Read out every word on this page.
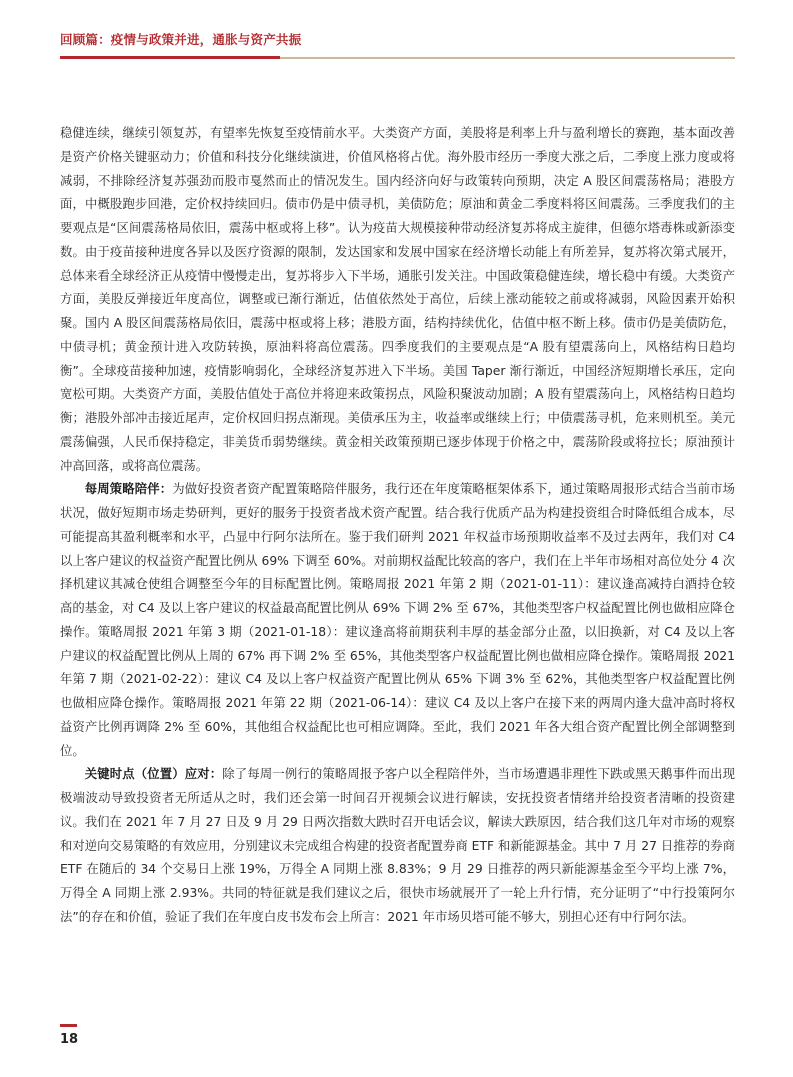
回顾篇：疫情与政策并进，通胀与资产共振

稳健连续，继续引领复苏，有望率先恢复至疫情前水平。大类资产方面，美股将是利率上升与盈利增长的赛跑，基本面改善是资产价格关键驱动力；价值和科技分化继续演进，价值风格将占优。海外股市经历一季度大涨之后，二季度上涨力度或将减弱，不排除经济复苏强劲而股市戛然而止的情况发生。国内经济向好与政策转向预期，决定 A 股区间震荡格局；港股方面，中概股跑步回港，定价权持续回归。债市仍是中债寻机，美债防危；原油和黄金二季度料将区间震荡。三季度我们的主要观点是“区间震荡格局依旧，震荡中枢或将上移”。认为疫苗大规模接种带动经济复苏将成主旋律，但德尔塔毒株或新添变数。由于疫苗接种进度各异以及医疗资源的限制，发达国家和发展中国家在经济增长动能上有所差异，复苏将次第式展开，总体来看全球经济正从疫情中慢慢走出，复苏将步入下半场，通胀引发关注。中国政策稳健连续，增长稳中有缓。大类资产方面，美股反弹接近年度高位，调整或已渐行渐近，估值依然处于高位，后续上涨动能较之前或将减弱，风险因素开始积聚。国内 A 股区间震荡格局依旧，震荡中枢或将上移；港股方面，结构持续优化，估值中枢不断上移。债市仍是美债防危，中债寻机；黄金预计进入攻防转换，原油料将高位震荡。四季度我们的主要观点是“A 股有望震荡向上，风格结构日趋均衡”。全球疫苗接种加速，疫情影响弱化，全球经济复苏进入下半场。美国 Taper 渐行渐近，中国经济短期增长承压，定向宽松可期。大类资产方面，美股估值处于高位并将迎来政策拐点，风险积聚波动加剧；A 股有望震荡向上，风格结构日趋均衡；港股外部冲击接近尾声，定价权回归拐点渐现。美债承压为主，收益率或继续上行；中债震荡寻机，危来则机至。美元震荡偏强，人民币保持稳定，非美货币弱势继续。黄金相关政策预期已逐步体现于价格之中，震荡阶段或将拉长；原油预计冲高回落，或将高位震荡。

每周策略陪伴：为做好投资者资产配置策略陪伴服务，我行还在年度策略框架体系下，通过策略周报形式结合当前市场状况，做好短期市场走势研判，更好的服务于投资者战术资产配置。结合我行优质产品为构建投资组合时降低组合成本，尽可能提高其盈利概率和水平，凸显中行阿尔法所在。鉴于我们研判 2021 年权益市场预期收益率不及过去两年，我们对 C4 以上客户建议的权益资产配置比例从 69% 下调至 60%。对前期权益配比较高的客户，我们在上半年市场相对高位处分 4 次择机建议其减仓使组合调整至今年的目标配置比例。策略周报 2021 年第 2 期（2021-01-11）：建议逢高减持白酒持仓较高的基金，对 C4 及以上客户建议的权益最高配置比例从 69% 下调 2% 至 67%，其他类型客户权益配置比例也做相应降仓操作。策略周报 2021 年第 3 期（2021-01-18）：建议逢高将前期获利丰厚的基金部分止盈，以旧换新，对 C4 及以上客户建议的权益配置比例从上周的 67% 再下调 2% 至 65%，其他类型客户权益配置比例也做相应降仓操作。策略周报 2021 年第 7 期（2021-02-22）：建议 C4 及以上客户权益资产配置比例从 65% 下调 3% 至 62%，其他类型客户权益配置比例也做相应降仓操作。策略周报 2021 年第 22 期（2021-06-14）：建议 C4 及以上客户在接下来的两周内逢大盘冲高时将权益资产比例再调降 2% 至 60%，其他组合权益配比也可相应调降。至此，我们 2021 年各大组合资产配置比例全部调整到位。

关键时点（位置）应对：除了每周一例行的策略周报予客户以全程陪伴外，当市场遭遇非理性下跌或黑天鹅事件而出现极端波动导致投资者无所适从之时，我们还会第一时间召开视频会议进行解读，安抚投资者情绪并给投资者清晰的投资建议。我们在 2021 年 7 月 27 日及 9 月 29 日两次指数大跌时召开电话会议，解读大跌原因，结合我们这几年对市场的观察和对逆向交易策略的有效应用，分别建议未完成组合构建的投资者配置券商 ETF 和新能源基金。其中 7 月 27 日推荐的券商 ETF 在随后的 34 个交易日上涨 19%，万得全 A 同期上涨 8.83%；9 月 29 日推荐的两只新能源基金至今平均上涨 7%，万得全 A 同期上涨 2.93%。共同的特征就是我们建议之后，很快市场就展开了一轮上升行情，充分证明了“中行投策阿尔法”的存在和价值，验证了我们在年度白皮书发布会上所言：2021 年市场贝塔可能不够大，别担心还有中行阿尔法。

18
